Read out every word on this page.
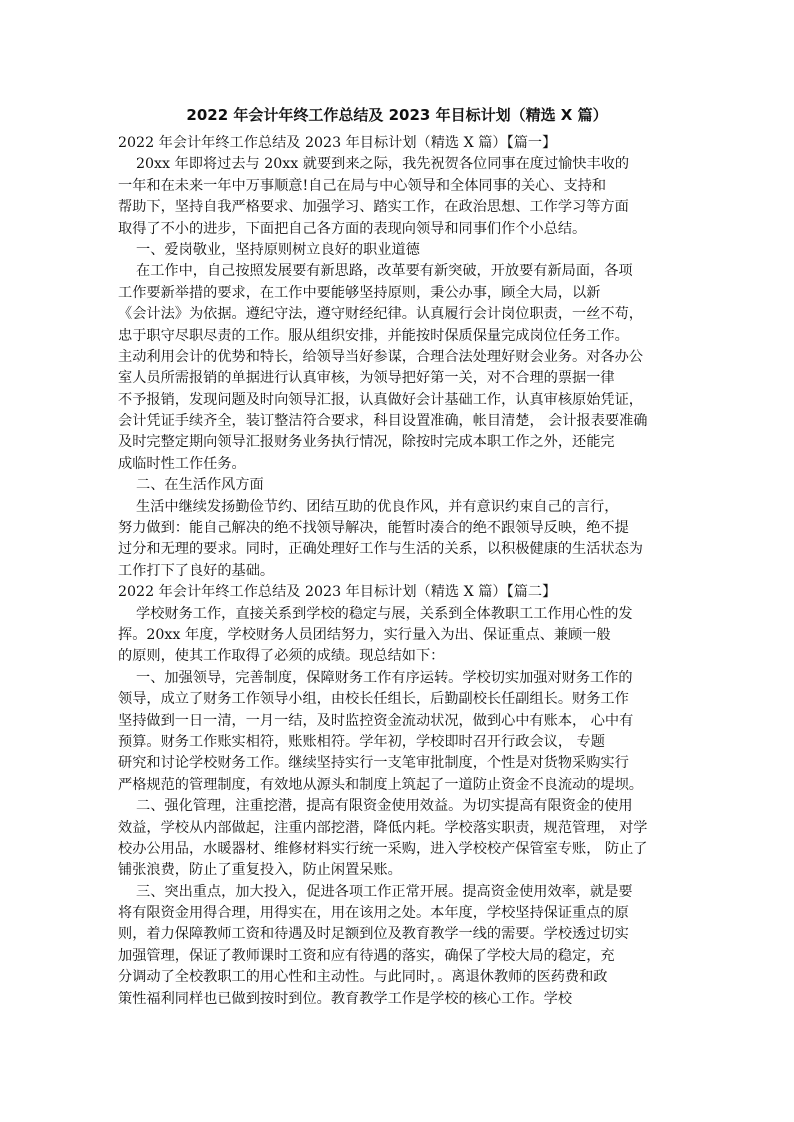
2022 年会计年终工作总结及 2023 年目标计划（精选 X 篇）
2022 年会计年终工作总结及 2023 年目标计划（精选 X 篇）【篇一】
20xx 年即将过去与 20xx 就要到来之际，我先祝贺各位同事在度过愉快丰收的
一年和在未来一年中万事顺意!自己在局与中心领导和全体同事的关心、支持和
帮助下，坚持自我严格要求、加强学习、踏实工作，在政治思想、工作学习等方面
取得了不小的进步，下面把自己各方面的表现向领导和同事们作个小总结。
一、爱岗敬业，坚持原则树立良好的职业道德
在工作中，自己按照发展要有新思路，改革要有新突破，开放要有新局面，各项
工作要新举措的要求，在工作中要能够坚持原则，秉公办事，顾全大局，以新
《会计法》为依据。遵纪守法，遵守财经纪律。认真履行会计岗位职责，一丝不苟，
忠于职守尽职尽责的工作。服从组织安排，并能按时保质保量完成岗位任务工作。
主动利用会计的优势和特长，给领导当好参谋，合理合法处理好财会业务。对各办公
室人员所需报销的单据进行认真审核，为领导把好第一关，对不合理的票据一律
不予报销，发现问题及时向领导汇报，认真做好会计基础工作，认真审核原始凭证，
会计凭证手续齐全，装订整洁符合要求，科目设置准确，帐目清楚， 会计报表要准确
及时完整定期向领导汇报财务业务执行情况，除按时完成本职工作之外，还能完
成临时性工作任务。
二、在生活作风方面
生活中继续发扬勤俭节约、团结互助的优良作风，并有意识约束自己的言行，
努力做到：能自己解决的绝不找领导解决，能暂时凑合的绝不跟领导反映，绝不提
过分和无理的要求。同时，正确处理好工作与生活的关系，以积极健康的生活状态为
工作打下了良好的基础。
2022 年会计年终工作总结及 2023 年目标计划（精选 X 篇）【篇二】
学校财务工作，直接关系到学校的稳定与展，关系到全体教职工工作用心性的发
挥。20xx 年度，学校财务人员团结努力，实行量入为出、保证重点、兼顾一般
的原则，使其工作取得了必须的成绩。现总结如下：
一、加强领导，完善制度，保障财务工作有序运转。学校切实加强对财务工作的
领导，成立了财务工作领导小组，由校长任组长，后勤副校长任副组长。财务工作
坚持做到一日一清，一月一结，及时监控资金流动状况，做到心中有账本， 心中有
预算。财务工作账实相符，账账相符。学年初，学校即时召开行政会议， 专题
研究和讨论学校财务工作。继续坚持实行一支笔审批制度，个性是对货物采购实行
严格规范的管理制度，有效地从源头和制度上筑起了一道防止资金不良流动的堤坝。
二、强化管理，注重挖潜，提高有限资金使用效益。为切实提高有限资金的使用
效益，学校从内部做起，注重内部挖潜，降低内耗。学校落实职责，规范管理， 对学
校办公用品，水暖器材、维修材料实行统一采购，进入学校校产保管室专账， 防止了
铺张浪费，防止了重复投入，防止闲置呆账。
三、突出重点，加大投入，促进各项工作正常开展。提高资金使用效率，就是要
将有限资金用得合理，用得实在，用在该用之处。本年度，学校坚持保证重点的原
则，着力保障教师工资和待遇及时足额到位及教育教学一线的需要。学校透过切实
加强管理，保证了教师课时工资和应有待遇的落实，确保了学校大局的稳定，充
分调动了全校教职工的用心性和主动性。与此同时，。离退休教师的医药费和政
策性福利同样也已做到按时到位。教育教学工作是学校的核心工作。学校
